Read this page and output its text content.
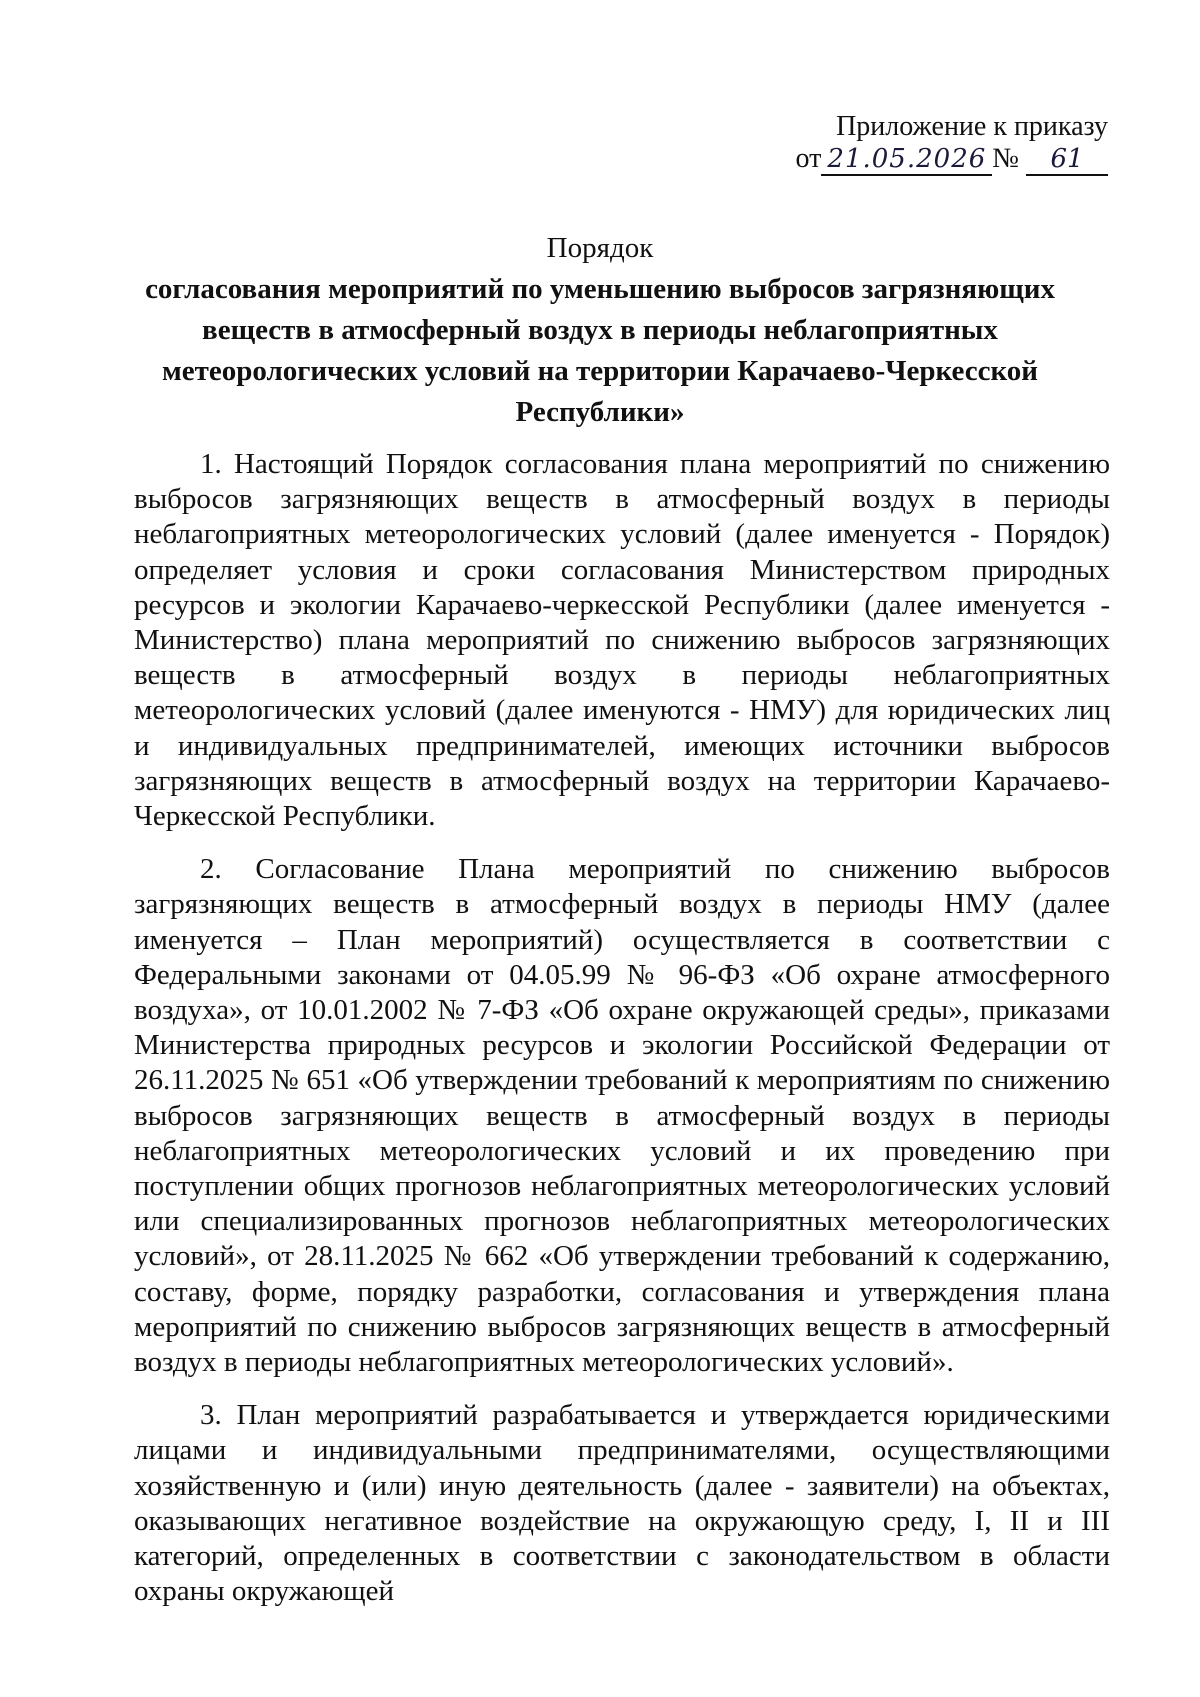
Приложение к приказу
от 21.05.2026 № 61
Порядок
согласования мероприятий по уменьшению выбросов загрязняющих веществ в атмосферный воздух в периоды неблагоприятных метеорологических условий на территории Карачаево-Черкесской Республики»

1. Настоящий Порядок согласования плана мероприятий по снижению выбросов загрязняющих веществ в атмосферный воздух в периоды неблагоприятных метеорологических условий (далее именуется - Порядок) определяет условия и сроки согласования Министерством природных ресурсов и экологии Карачаево-черкесской Республики (далее именуется - Министерство) плана мероприятий по снижению выбросов загрязняющих веществ в атмосферный воздух в периоды неблагоприятных метеорологических условий (далее именуются - НМУ) для юридических лиц и индивидуальных предпринимателей, имеющих источники выбросов загрязняющих веществ в атмосферный воздух на территории Карачаево-Черкесской Республики.

2. Согласование Плана мероприятий по снижению выбросов загрязняющих веществ в атмосферный воздух в периоды НМУ (далее именуется – План мероприятий) осуществляется в соответствии с Федеральными законами от 04.05.99 № 96-ФЗ «Об охране атмосферного воздуха», от 10.01.2002 № 7-ФЗ «Об охране окружающей среды», приказами Министерства природных ресурсов и экологии Российской Федерации от 26.11.2025 № 651 «Об утверждении требований к мероприятиям по снижению выбросов загрязняющих веществ в атмосферный воздух в периоды неблагоприятных метеорологических условий и их проведению при поступлении общих прогнозов неблагоприятных метеорологических условий или специализированных прогнозов неблагоприятных метеорологических условий», от 28.11.2025 № 662 «Об утверждении требований к содержанию, составу, форме, порядку разработки, согласования и утверждения плана мероприятий по снижению выбросов загрязняющих веществ в атмосферный воздух в периоды неблагоприятных метеорологических условий».

3. План мероприятий разрабатывается и утверждается юридическими лицами и индивидуальными предпринимателями, осуществляющими хозяйственную и (или) иную деятельность (далее - заявители) на объектах, оказывающих негативное воздействие на окружающую среду, I, II и III категорий, определенных в соответствии с законодательством в области охраны окружающей
